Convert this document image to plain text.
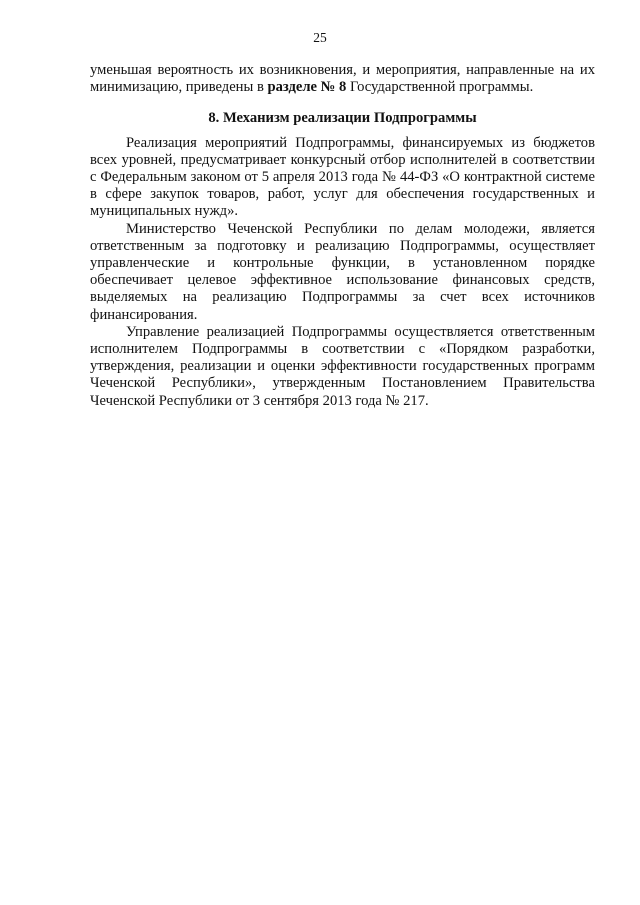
25

уменьшая вероятность их возникновения, и мероприятия, направленные на их минимизацию, приведены в разделе № 8 Государственной программы.

8. Механизм реализации Подпрограммы

Реализация мероприятий Подпрограммы, финансируемых из бюджетов всех уровней, предусматривает конкурсный отбор исполнителей в соответствии с Федеральным законом от 5 апреля 2013 года № 44-ФЗ «О контрактной системе в сфере закупок товаров, работ, услуг для обеспечения государственных и муниципальных нужд».

Министерство Чеченской Республики по делам молодежи, является ответственным за подготовку и реализацию Подпрограммы, осуществляет управленческие и контрольные функции, в установленном порядке обеспечивает целевое эффективное использование финансовых средств, выделяемых на реализацию Подпрограммы за счет всех источников финансирования.

Управление реализацией Подпрограммы осуществляется ответственным исполнителем Подпрограммы в соответствии с «Порядком разработки, утверждения, реализации и оценки эффективности государственных программ Чеченской Республики», утвержденным Постановлением Правительства Чеченской Республики от 3 сентября 2013 года № 217.
